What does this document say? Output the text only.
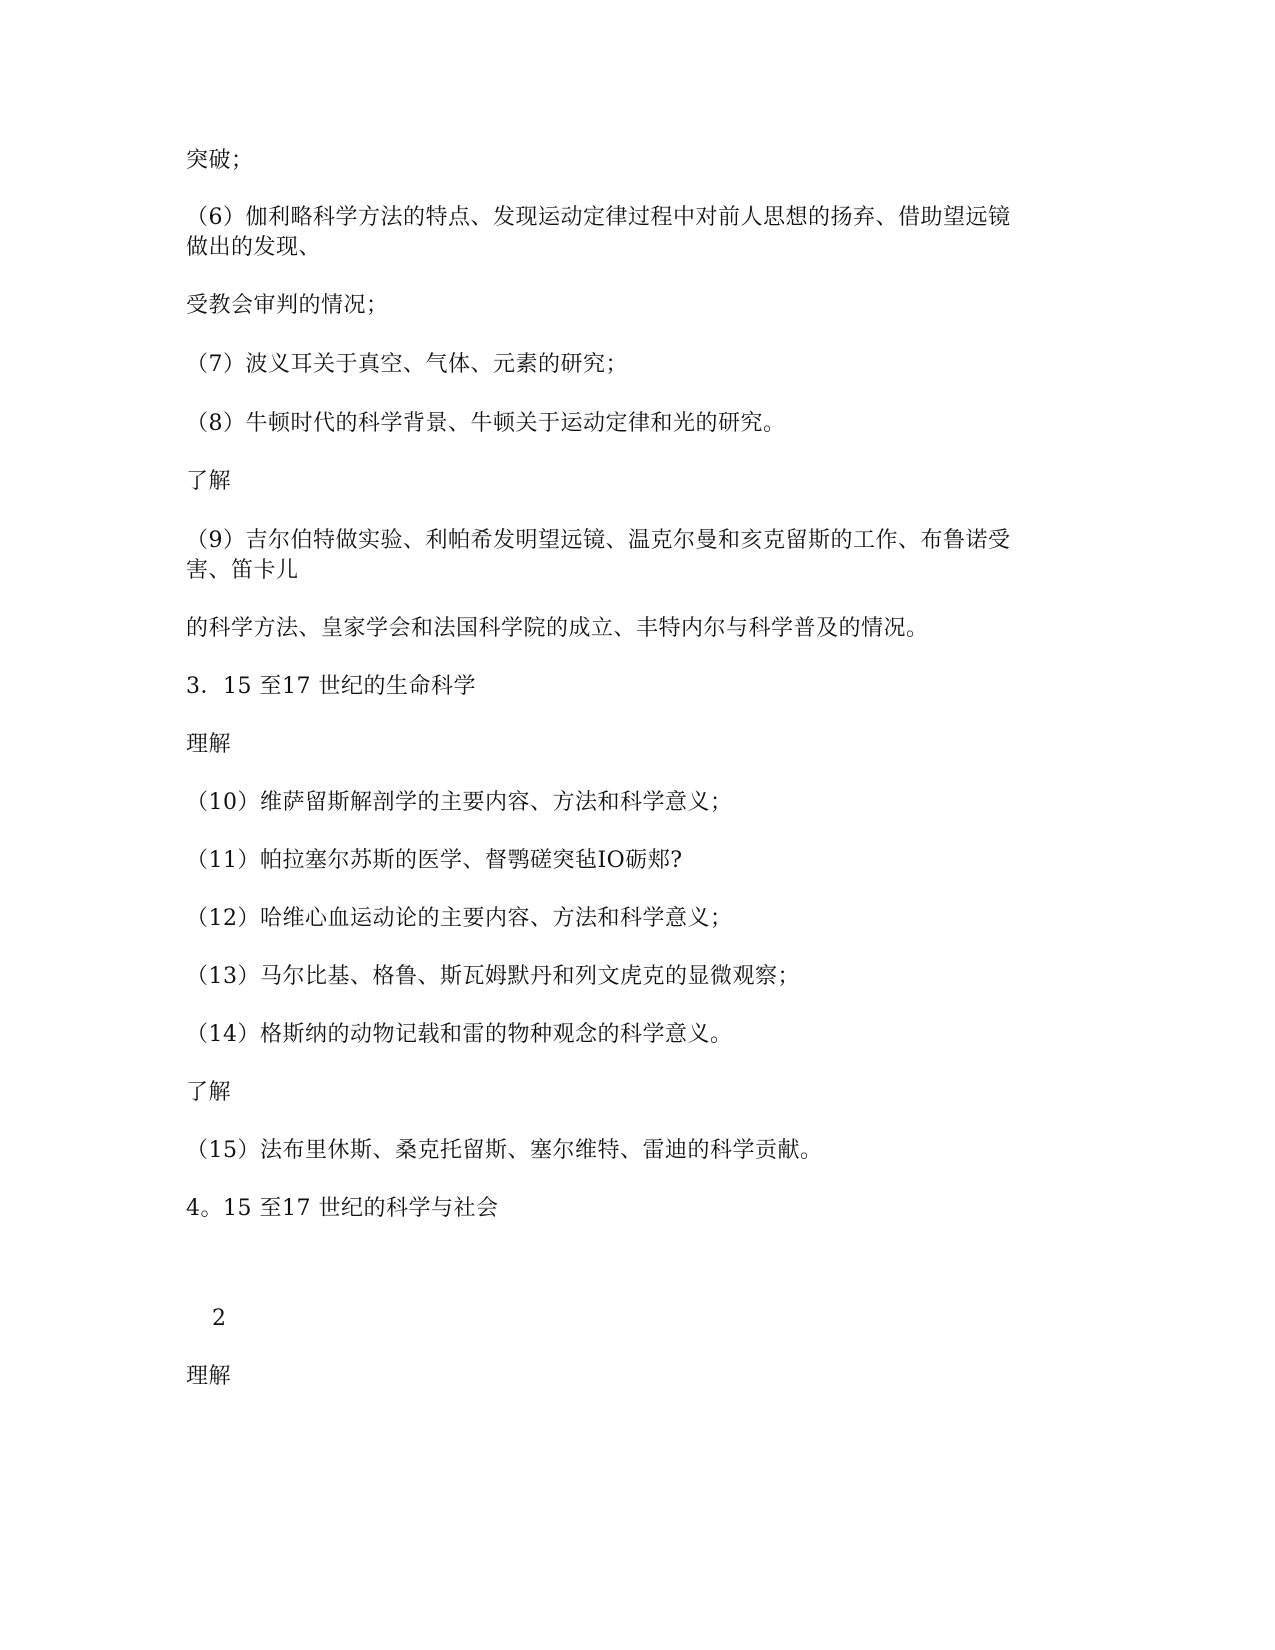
突破；
（6）伽利略科学方法的特点、发现运动定律过程中对前人思想的扬弃、借助望远镜
做出的发现、
受教会审判的情况；
（7）波义耳关于真空、气体、元素的研究；
（8）牛顿时代的科学背景、牛顿关于运动定律和光的研究。
了解
（9）吉尔伯特做实验、利帕希发明望远镜、温克尔曼和亥克留斯的工作、布鲁诺受
害、笛卡儿
的科学方法、皇家学会和法国科学院的成立、丰特内尔与科学普及的情况。
3．15 至17 世纪的生命科学
理解
（10）维萨留斯解剖学的主要内容、方法和科学意义；
（11）帕拉塞尔苏斯的医学、督鹗磋突毡IO砺郏?
（12）哈维心血运动论的主要内容、方法和科学意义；
（13）马尔比基、格鲁、斯瓦姆默丹和列文虎克的显微观察；
（14）格斯纳的动物记载和雷的物种观念的科学意义。
了解
（15）法布里休斯、桑克托留斯、塞尔维特、雷迪的科学贡献。
4。15 至17 世纪的科学与社会
2
理解
